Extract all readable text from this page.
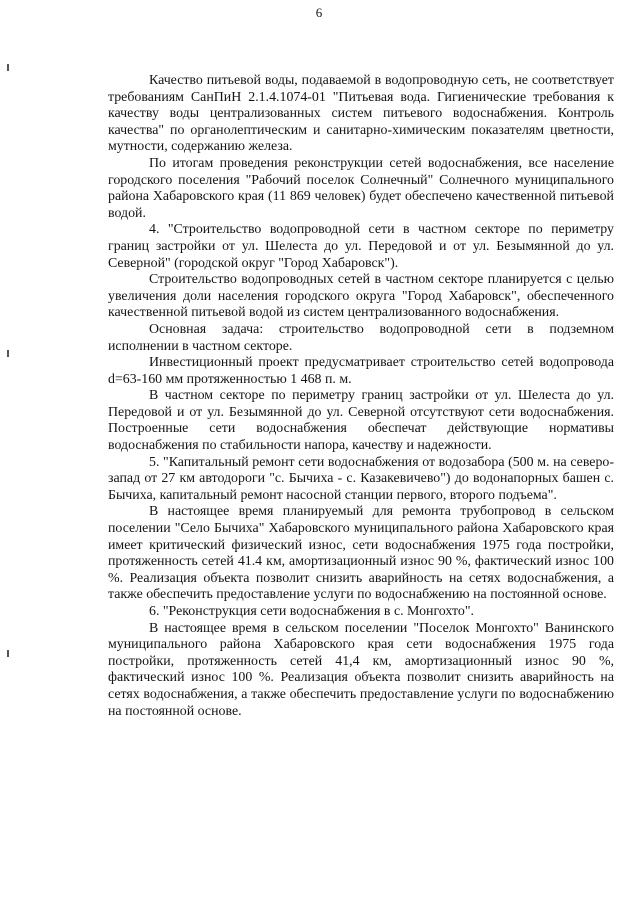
6

Качество питьевой воды, подаваемой в водопроводную сеть, не соответствует требованиям СанПиН 2.1.4.1074-01 "Питьевая вода. Гигиенические требования к качеству воды централизованных систем питьевого водоснабжения. Контроль качества" по органолептическим и санитарно-химическим показателям цветности, мутности, содержанию железа.

По итогам проведения реконструкции сетей водоснабжения, все население городского поселения "Рабочий поселок Солнечный" Солнечного муниципального района Хабаровского края (11 869 человек) будет обеспечено качественной питьевой водой.

4. "Строительство водопроводной сети в частном секторе по периметру границ застройки от ул. Шелеста до ул. Передовой и от ул. Безымянной до ул. Северной" (городской округ "Город Хабаровск").

Строительство водопроводных сетей в частном секторе планируется с целью увеличения доли населения городского округа "Город Хабаровск", обеспеченного качественной питьевой водой из систем централизованного водоснабжения.

Основная задача: строительство водопроводной сети в подземном исполнении в частном секторе.

Инвестиционный проект предусматривает строительство сетей водопровода d=63-160 мм протяженностью 1 468 п. м.

В частном секторе по периметру границ застройки от ул. Шелеста до ул. Передовой и от ул. Безымянной до ул. Северной отсутствуют сети водоснабжения. Построенные сети водоснабжения обеспечат действующие нормативы водоснабжения по стабильности напора, качеству и надежности.

5. "Капитальный ремонт сети водоснабжения от водозабора (500 м. на северо-запад от 27 км автодороги "с. Бычиха - с. Казакевичево") до водонапорных башен с. Бычиха, капитальный ремонт насосной станции первого, второго подъема".

В настоящее время планируемый для ремонта трубопровод в сельском поселении "Село Бычиха" Хабаровского муниципального района Хабаровского края имеет критический физический износ, сети водоснабжения 1975 года постройки, протяженность сетей 41.4 км, амортизационный износ 90 %, фактический износ 100 %. Реализация объекта позволит снизить аварийность на сетях водоснабжения, а также обеспечить предоставление услуги по водоснабжению на постоянной основе.

6. "Реконструкция сети водоснабжения в с. Монгохто".

В настоящее время в сельском поселении "Поселок Монгохто" Ванинского муниципального района Хабаровского края сети водоснабжения 1975 года постройки, протяженность сетей 41,4 км, амортизационный износ 90 %, фактический износ 100 %. Реализация объекта позволит снизить аварийность на сетях водоснабжения, а также обеспечить предоставление услуги по водоснабжению на постоянной основе.
